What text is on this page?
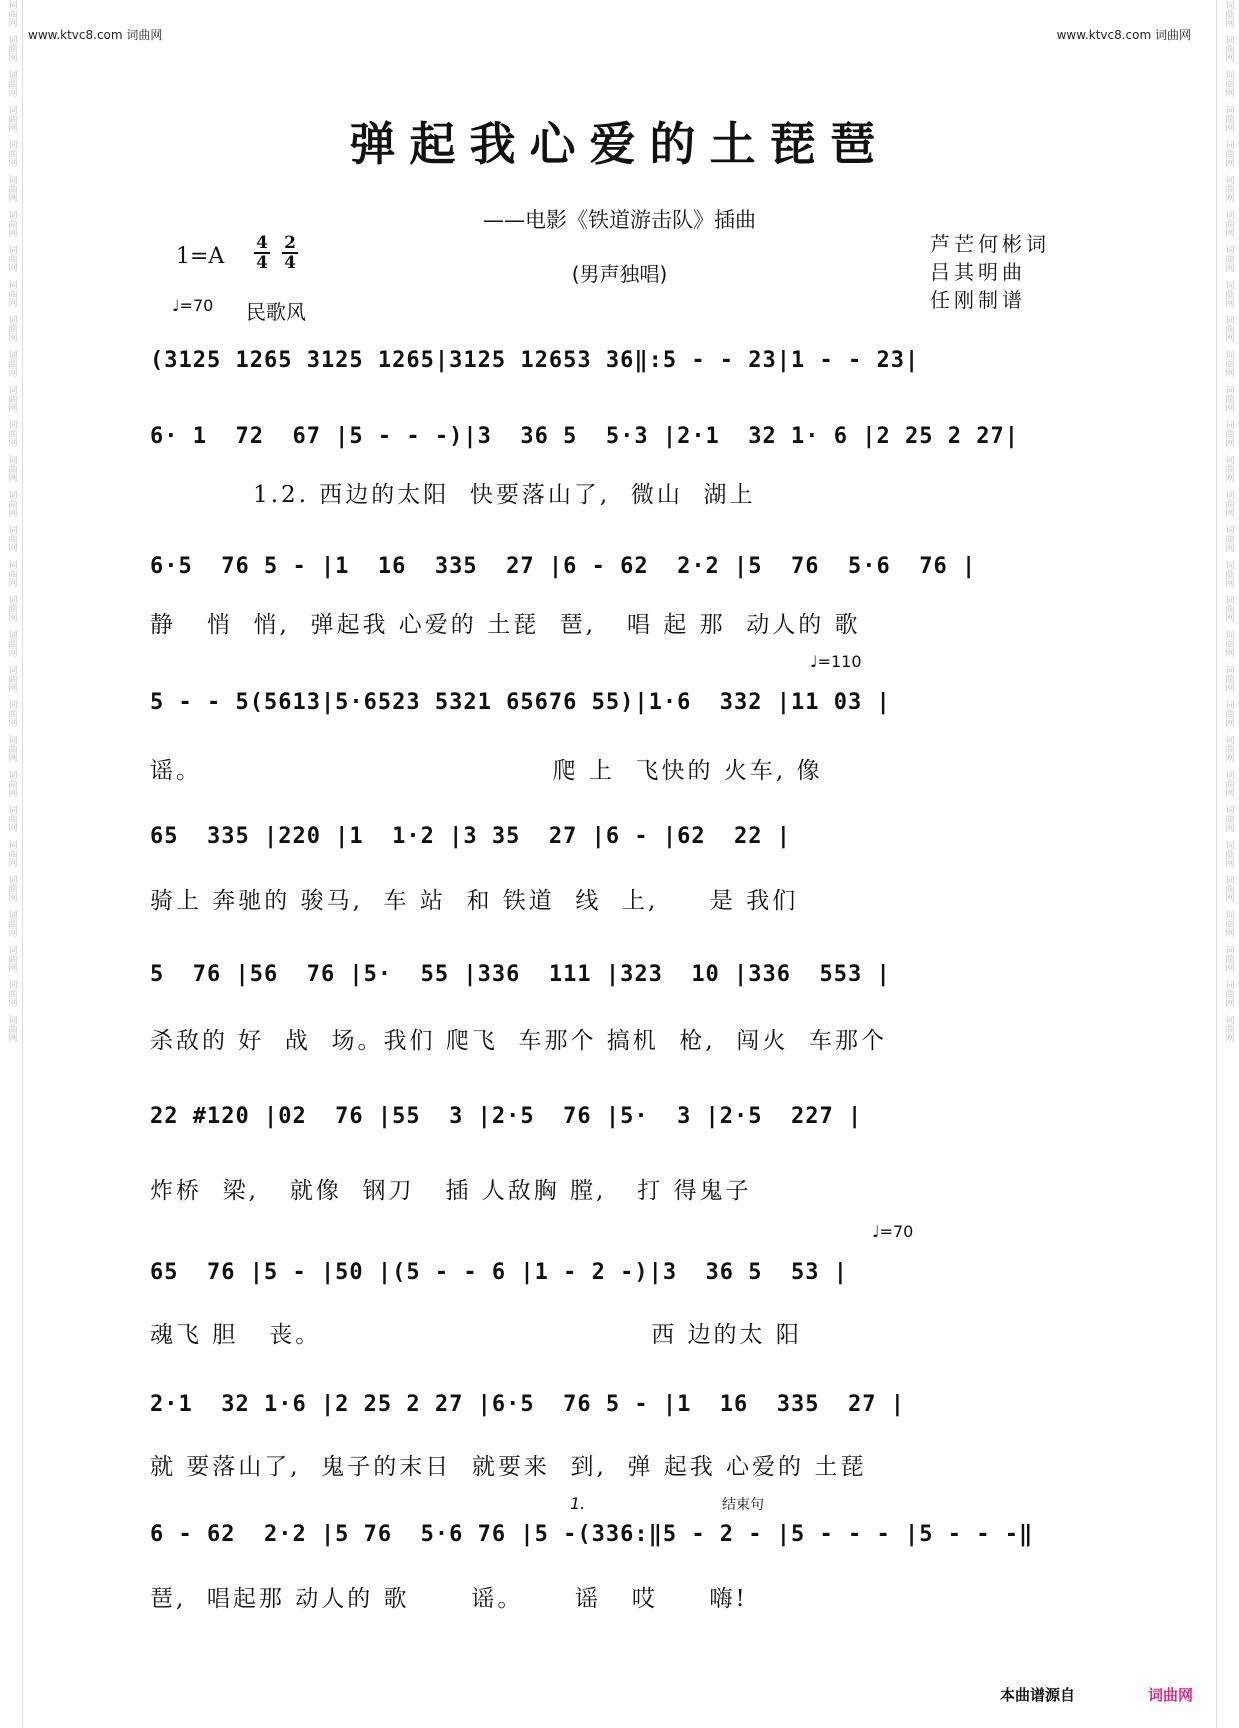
词曲网
词曲网
词曲网
词曲网
词曲网
词曲网
词曲网
词曲网
词曲网
词曲网
词曲网
词曲网
词曲网
词曲网
词曲网
词曲网
词曲网
词曲网
词曲网
词曲网
词曲网
词曲网
词曲网
词曲网
词曲网
词曲网
词曲网
词曲网
词曲网
词曲网
词曲网
词曲网
词曲网
词曲网
词曲网
词曲网
词曲网
词曲网
词曲网
词曲网
词曲网
词曲网
词曲网
词曲网
词曲网
词曲网
词曲网
词曲网
词曲网
词曲网
词曲网
词曲网
词曲网
词曲网
词曲网
词曲网
词曲网
词曲网
词曲网
词曲网
www.ktvc8.com 词曲网	www.ktvc8.com 词曲网
弹起我心爱的土琵琶
——电影《铁道游击队》插曲
(男声独唱)
$1=A \frac{4}{4} \frac{2}{4}$
♩=70 民歌风
芦芒何彬词
吕其明曲
任刚制谱
(3125 1265 3125 1265|3125 12653 36‖:5 - - 23|1 - - 23|
6· 1  72  67 |5 - - -)|3  36 5  5·3 |2·1  32 1· 6 |2 25 2 27|
1.2. 西边的太阳  快要落山了,  微山  湖上
6·5  76 5 - |1  16  335  27 |6 - 62  2·2 |5  76  5·6  76 |
静   悄  悄,  弹起我 心爱的 土琵  琶,   唱 起 那  动人的 歌
♩=110
5 - - 5(5613|5·6523 5321 65676 55)|1·6  332 |11 03 |
谣。                                  爬 上  飞快的 火车, 像
65  335 |220 |1  1·2 |3 35  27 |6 - |62  22 |
骑上 奔驰的 骏马,  车 站  和 铁道  线  上,     是 我们
5  76 |56  76 |5·  55 |336  111 |323  10 |336  553 |
杀敌的 好  战  场。我们 爬飞  车那个 搞机  枪,  闯火  车那个
22 #120 |02  76 |55  3 |2·5  76 |5·  3 |2·5  227 |
炸桥  梁,   就像  钢刀   插 人敌胸 膛,   打 得鬼子
♩=70
65  76 |5 - |50 |(5 - - 6 |1 - 2 -)|3  36 5  53 |
魂飞 胆   丧。                                西 边的太 阳
2·1  32 1·6 |2 25 2 27 |6·5  76 5 - |1  16  335  27 |
就 要落山了,  鬼子的末日  就要来  到,  弹 起我 心爱的 土琵
1.	结束句
6 - 62  2·2 |5 76  5·6 76 |5 -(336:‖5 - 2 - |5 - - - |5 - - -‖
琶,  唱起那 动人的 歌      谣。     谣   哎     嗨!
本曲谱源自	词曲网
